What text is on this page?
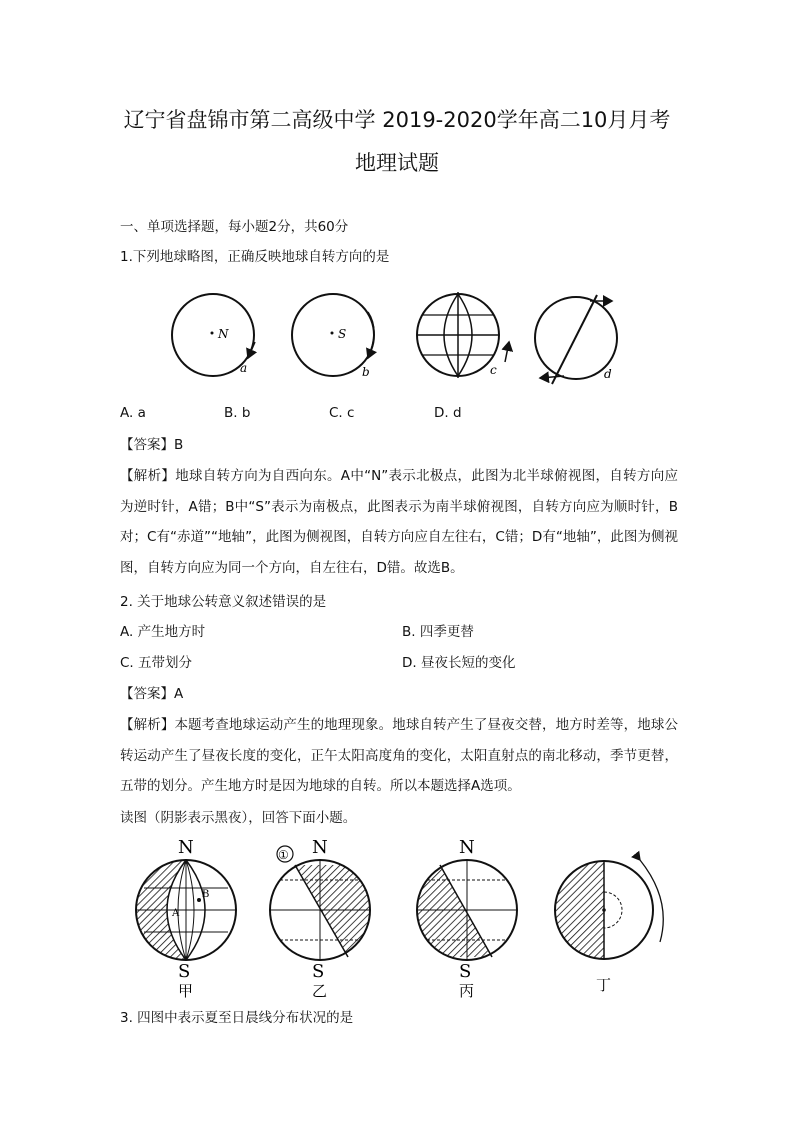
辽宁省盘锦市第二高级中学 2019-2020学年高二10月月考
地理试题
一、单项选择题，每小题2分，共60分
1.下列地球略图，正确反映地球自转方向的是
N
a
S
b	c	d
A. a	B. b	C. c	D. d
【答案】B
【解析】地球自转方向为自西向东。A中“N”表示北极点，此图为北半球俯视图，自转方向应为逆时针，A错；B中“S”表示为南极点，此图表示为南半球俯视图，自转方向应为顺时针，B对；C有“赤道”“地轴”，此图为侧视图，自转方向应自左往右，C错；D有“地轴”，此图为侧视图，自转方向应为同一个方向，自左往右，D错。故选B。
2. 关于地球公转意义叙述错误的是
A. 产生地方时	B. 四季更替
C. 五带划分	D. 昼夜长短的变化
【答案】A
【解析】本题考查地球运动产生的地理现象。地球自转产生了昼夜交替，地方时差等，地球公转运动产生了昼夜长度的变化，正午太阳高度角的变化，太阳直射点的南北移动，季节更替，五带的划分。产生地方时是因为地球的自转。所以本题选择A选项。
读图（阴影表示黑夜），回答下面小题。
N
S
A
B
甲
① N
S
乙
N
S
丙	丁
3. 四图中表示夏至日晨线分布状况的是
